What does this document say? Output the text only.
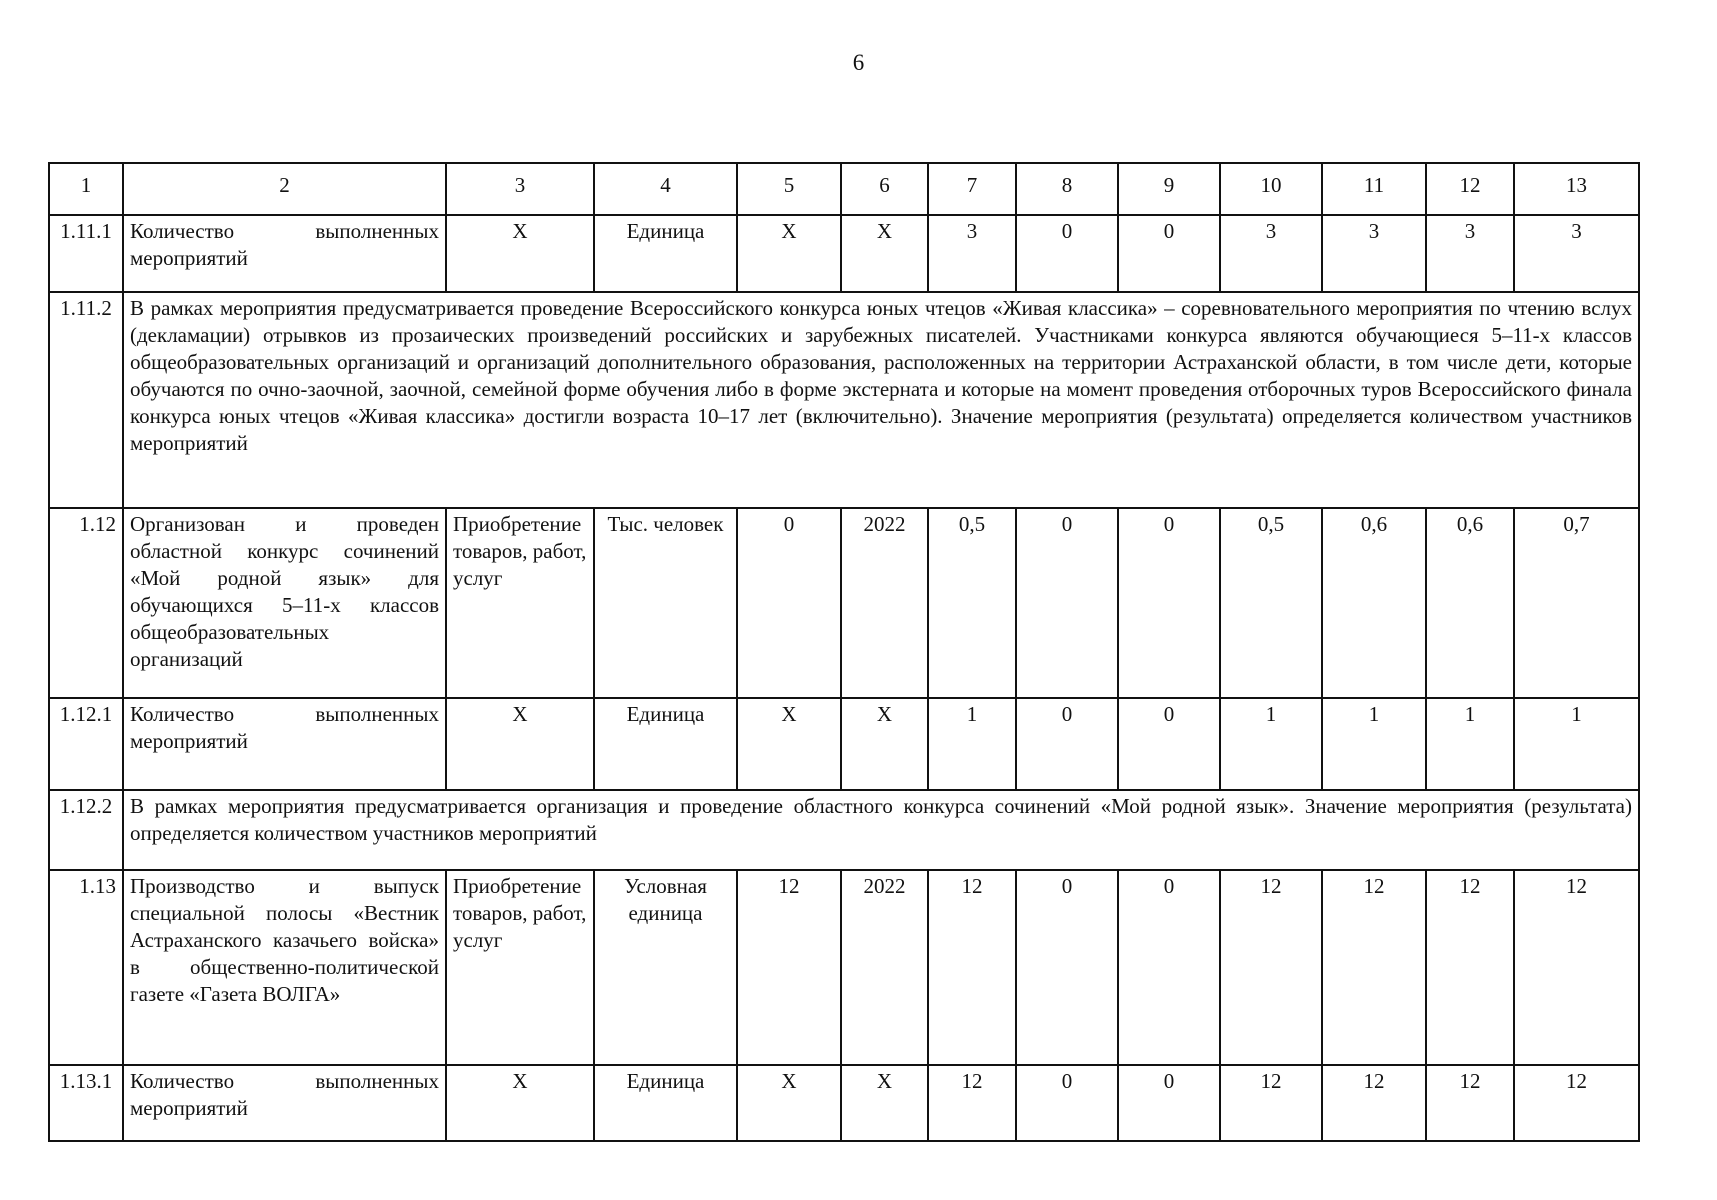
6
1	2	3	4	5	6	7	8	9	10	11	12	13
1.11.1	Количество выполненных мероприятий	Х	Единица	Х	Х	3	0	0	3	3	3	3
1.11.2	В рамках мероприятия предусматривается проведение Всероссийского конкурса юных чтецов «Живая классика» – соревновательного мероприятия по чтению вслух (декламации) отрывков из прозаических произведений российских и зарубежных писателей. Участниками конкурса являются обучающиеся 5–11-х классов общеобразовательных организаций и организаций дополнительного образования, расположенных на территории Астраханской области, в том числе дети, которые обучаются по очно-заочной, заочной, семейной форме обучения либо в форме экстерната и которые на момент проведения отборочных туров Всероссийского финала конкурса юных чтецов «Живая классика» достигли возраста 10–17 лет (включительно). Значение мероприятия (результата) определяется количеством участников мероприятий											
1.12	Организован и проведен областной конкурс сочинений «Мой родной язык» для обучающихся 5–11-х классов общеобразовательных организаций	Приобретение товаров, работ, услуг	Тыс. человек	0	2022	0,5	0	0	0,5	0,6	0,6	0,7
1.12.1	Количество выполненных мероприятий	Х	Единица	Х	Х	1	0	0	1	1	1	1
1.12.2	В рамках мероприятия предусматривается организация и проведение областного конкурса сочинений «Мой родной язык». Значение мероприятия (результата) определяется количеством участников мероприятий											
1.13	Производство и выпуск специальной полосы «Вестник Астраханского казачьего войска» в общественно-политической газете «Газета ВОЛГА»	Приобретение товаров, работ, услуг	Условная единица	12	2022	12	0	0	12	12	12	12
1.13.1	Количество выполненных мероприятий	Х	Единица	Х	Х	12	0	0	12	12	12	12
